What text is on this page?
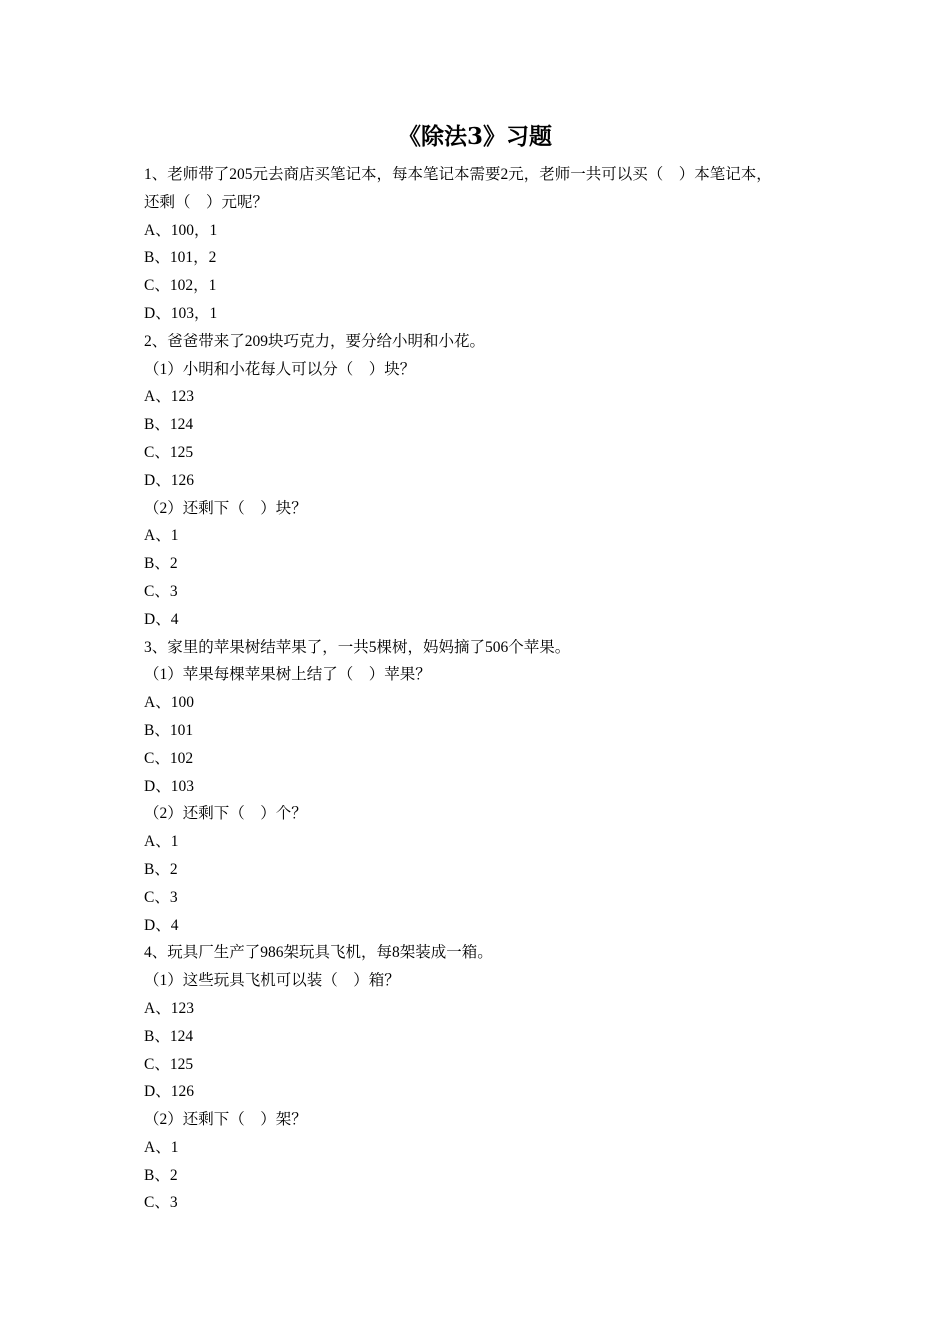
《除法3》习题

1、老师带了205元去商店买笔记本，每本笔记本需要2元，老师一共可以买（　）本笔记本，

还剩（　）元呢？

A、100，1

B、101，2

C、102，1

D、103，1

2、爸爸带来了209块巧克力，要分给小明和小花。

（1）小明和小花每人可以分（　）块？

A、123

B、124

C、125

D、126

（2）还剩下（　）块？

A、1

B、2

C、3

D、4

3、家里的苹果树结苹果了，一共5棵树，妈妈摘了506个苹果。

（1）苹果每棵苹果树上结了（　）苹果？

A、100

B、101

C、102

D、103

（2）还剩下（　）个？

A、1

B、2

C、3

D、4

4、玩具厂生产了986架玩具飞机，每8架装成一箱。

（1）这些玩具飞机可以装（　）箱？

A、123

B、124

C、125

D、126

（2）还剩下（　）架？

A、1

B、2

C、3
